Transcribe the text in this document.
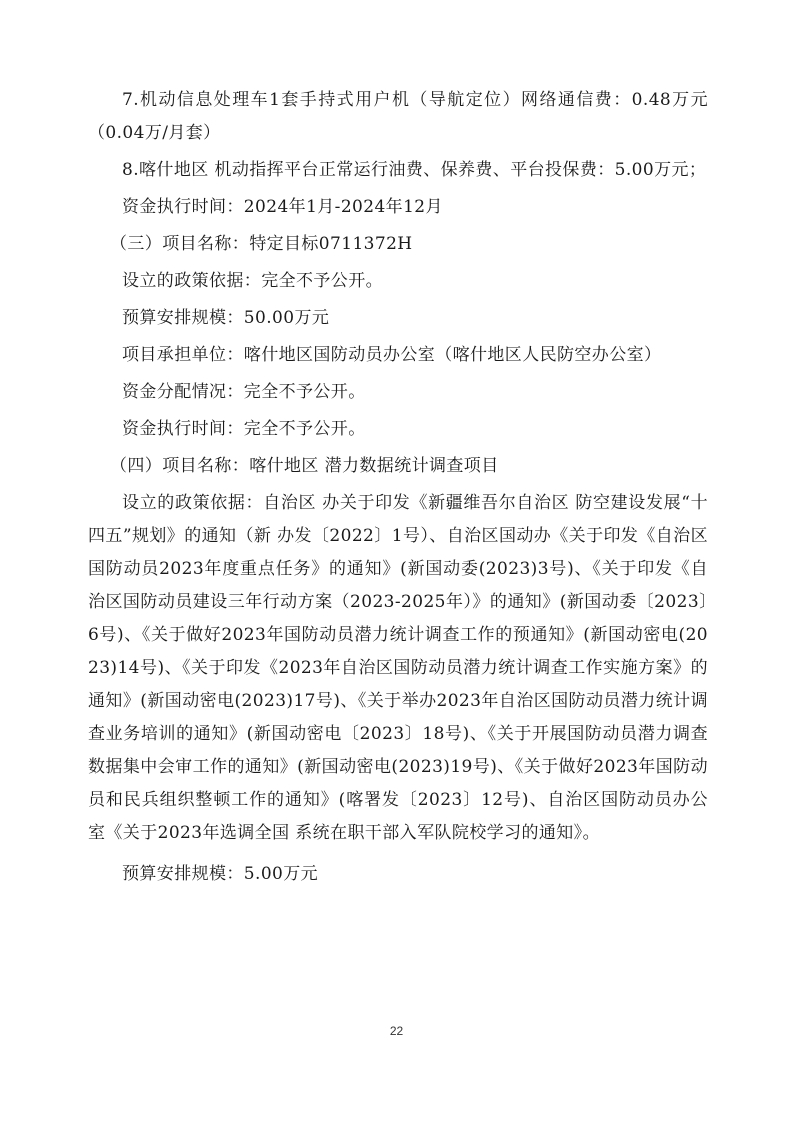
7.机动信息处理车1套手持式用户机（导航定位）网络通信费：0.48万元（0.04万/月套）

8.喀什地区 机动指挥平台正常运行油费、保养费、平台投保费：5.00万元；

资金执行时间：2024年1月-2024年12月

（三）项目名称：特定目标0711372H

设立的政策依据：完全不予公开。

预算安排规模：50.00万元

项目承担单位：喀什地区国防动员办公室（喀什地区人民防空办公室）

资金分配情况：完全不予公开。

资金执行时间：完全不予公开。

（四）项目名称：喀什地区 潜力数据统计调查项目

设立的政策依据：自治区 办关于印发《新疆维吾尔自治区 防空建设发展“十四五”规划》的通知（新 办发〔2022〕1号）、自治区国动办《关于印发《自治区国防动员2023年度重点任务》的通知》(新国动委(2023)3号)、《关于印发《自治区国防动员建设三年行动方案（2023-2025年）》的通知》(新国动委〔2023〕6号)、《关于做好2023年国防动员潜力统计调查工作的预通知》(新国动密电(2023)14号)、《关于印发《2023年自治区国防动员潜力统计调查工作实施方案》的通知》(新国动密电(2023)17号)、《关于举办2023年自治区国防动员潜力统计调查业务培训的通知》(新国动密电〔2023〕18号)、《关于开展国防动员潜力调查数据集中会审工作的通知》(新国动密电(2023)19号)、《关于做好2023年国防动员和民兵组织整顿工作的通知》(喀署发〔2023〕12号)、自治区国防动员办公室《关于2023年选调全国 系统在职干部入军队院校学习的通知》。

预算安排规模：5.00万元

22
